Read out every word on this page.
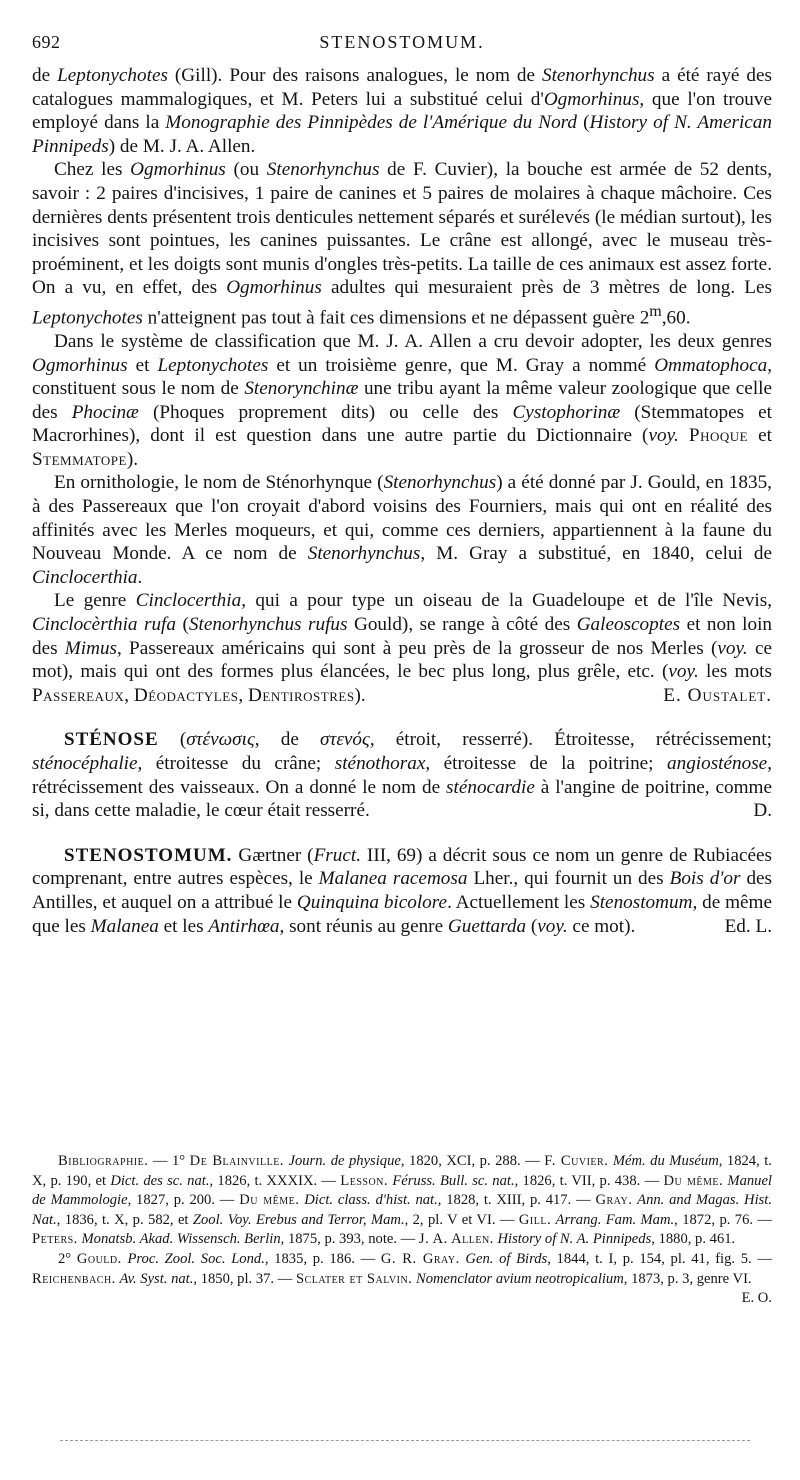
692	STENOSTOMUM.

de Leptonychotes (Gill). Pour des raisons analogues, le nom de Stenorhynchus a été rayé des catalogues mammalogiques, et M. Peters lui a substitué celui d'Ogmorhinus, que l'on trouve employé dans la Monographie des Pinnipèdes de l'Amérique du Nord (History of N. American Pinnipeds) de M. J. A. Allen.

Chez les Ogmorhinus (ou Stenorhynchus de F. Cuvier), la bouche est armée de 52 dents, savoir : 2 paires d'incisives, 1 paire de canines et 5 paires de molaires à chaque mâchoire. Ces dernières dents présentent trois denticules nettement séparés et surélevés (le médian surtout), les incisives sont pointues, les canines puissantes. Le crâne est allongé, avec le museau très-proéminent, et les doigts sont munis d'ongles très-petits. La taille de ces animaux est assez forte. On a vu, en effet, des Ogmorhinus adultes qui mesuraient près de 3 mètres de long. Les Leptonychotes n'atteignent pas tout à fait ces dimensions et ne dépassent guère 2$^m$,60.

Dans le système de classification que M. J. A. Allen a cru devoir adopter, les deux genres Ogmorhinus et Leptonychotes et un troisième genre, que M. Gray a nommé Ommatophoca, constituent sous le nom de Stenorynchinæ une tribu ayant la même valeur zoologique que celle des Phocinæ (Phoques proprement dits) ou celle des Cystophorinæ (Stemmatopes et Macrorhines), dont il est question dans une autre partie du Dictionnaire (voy. Phoque et Stemmatope).

En ornithologie, le nom de Sténorhynque (Stenorhynchus) a été donné par J. Gould, en 1835, à des Passereaux que l'on croyait d'abord voisins des Fourniers, mais qui ont en réalité des affinités avec les Merles moqueurs, et qui, comme ces derniers, appartiennent à la faune du Nouveau Monde. A ce nom de Stenorhynchus, M. Gray a substitué, en 1840, celui de Cinclocerthia.

Le genre Cinclocerthia, qui a pour type un oiseau de la Guadeloupe et de l'île Nevis, Cinclocèrthia rufa (Stenorhynchus rufus Gould), se range à côté des Galeoscoptes et non loin des Mimus, Passereaux américains qui sont à peu près de la grosseur de nos Merles (voy. ce mot), mais qui ont des formes plus élancées, le bec plus long, plus grêle, etc. (voy. les mots Passereaux, Déodactyles, Dentirostres).	E. Oustalet.

STÉNOSE (στένωσις, de στενός, étroit, resserré). Étroitesse, rétrécissement; sténocéphalie, étroitesse du crâne; sténothorax, étroitesse de la poitrine; angiosténose, rétrécissement des vaisseaux. On a donné le nom de sténocardie à l'angine de poitrine, comme si, dans cette maladie, le cœur était resserré.	D.

STENOSTOMUM. Gærtner (Fruct. III, 69) a décrit sous ce nom un genre de Rubiacées comprenant, entre autres espèces, le Malanea racemosa Lher., qui fournit un des Bois d'or des Antilles, et auquel on a attribué le Quinquina bicolore. Actuellement les Stenostomum, de même que les Malanea et les Antirhœa, sont réunis au genre Guettarda (voy. ce mot).	Ed. L.

Bibliographie. — 1° De Blainville. Journ. de physique, 1820, XCI, p. 288. — F. Cuvier. Mém. du Muséum, 1824, t. X, p. 190, et Dict. des sc. nat., 1826, t. XXXIX. — Lesson. Féruss. Bull. sc. nat., 1826, t. VII, p. 438. — Du même. Manuel de Mammologie, 1827, p. 200. — Du même. Dict. class. d'hist. nat., 1828, t. XIII, p. 417. — Gray. Ann. and Magas. Hist. Nat., 1836, t. X, p. 582, et Zool. Voy. Erebus and Terror, Mam., 2, pl. V et VI. — Gill. Arrang. Fam. Mam., 1872, p. 76. — Peters. Monatsb. Akad. Wissensch. Berlin, 1875, p. 393, note. — J. A. Allen. History of N. A. Pinnipeds, 1880, p. 461.

2° Gould. Proc. Zool. Soc. Lond., 1835, p. 186. — G. R. Gray. Gen. of Birds, 1844, t. I, p. 154, pl. 41, fig. 5. — Reichenbach. Av. Syst. nat., 1850, pl. 37. — Sclater et Salvin. Nomenclator avium neotropicalium, 1873, p. 3, genre VI.
E. O.
